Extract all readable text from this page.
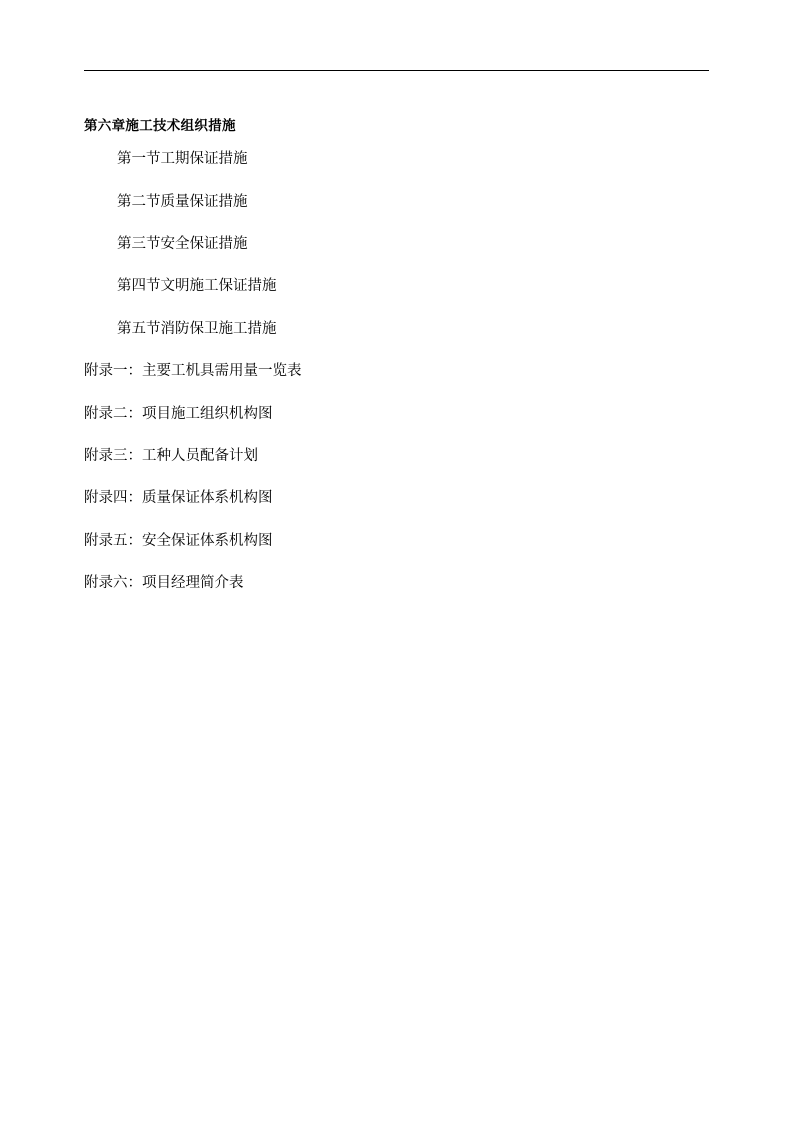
第六章施工技术组织措施
第一节工期保证措施
第二节质量保证措施
第三节安全保证措施
第四节文明施工保证措施
第五节消防保卫施工措施
附录一：主要工机具需用量一览表
附录二：项目施工组织机构图
附录三：工种人员配备计划
附录四：质量保证体系机构图
附录五：安全保证体系机构图
附录六：项目经理简介表
